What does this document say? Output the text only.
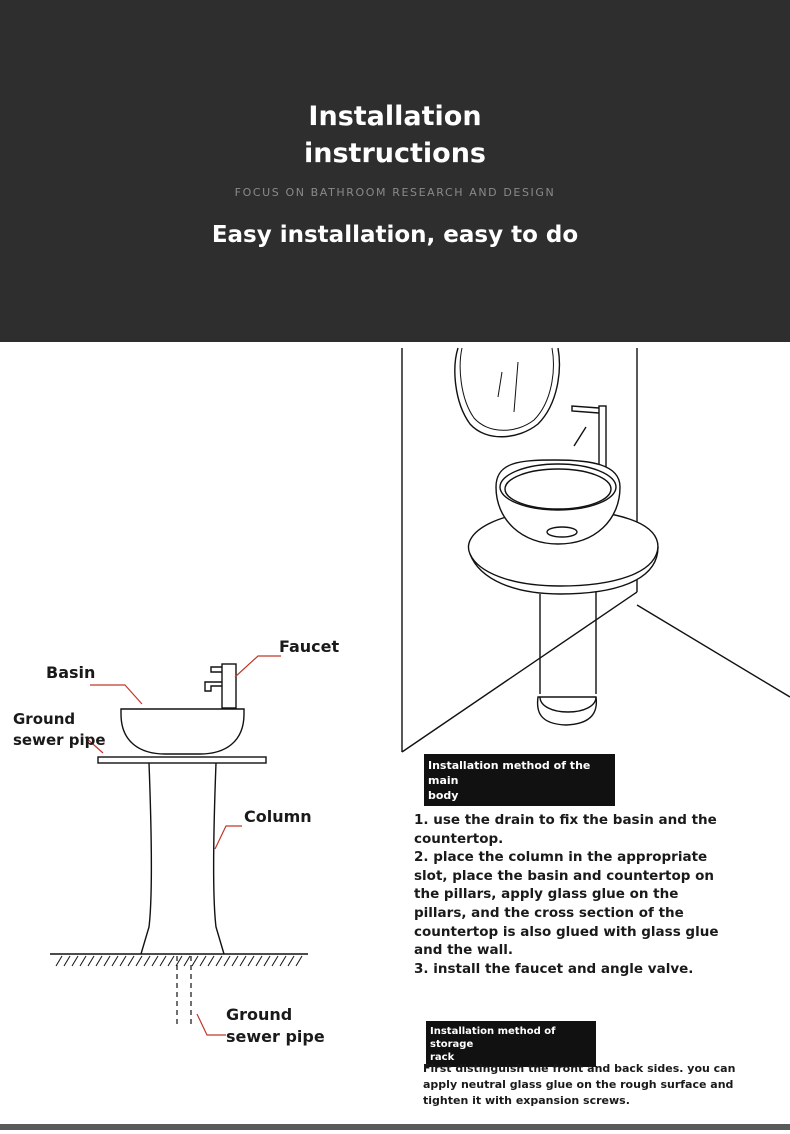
Installation
instructions
FOCUS ON BATHROOM RESEARCH AND DESIGN
Easy installation, easy to do
Faucet
Basin
Ground
sewer pipe
Column
Ground
sewer pipe
Installation method of the main
body

1. use the drain to fix the basin and the countertop.

2. place the column in the appropriate slot, place the basin and countertop on the pillars, apply glass glue on the pillars, and the cross section of the countertop is also glued with glass glue and the wall.

3. install the faucet and angle valve.

Installation method of storage
rack
First distinguish the front and back sides. you can apply neutral glass glue on the rough surface and tighten it with expansion screws.
